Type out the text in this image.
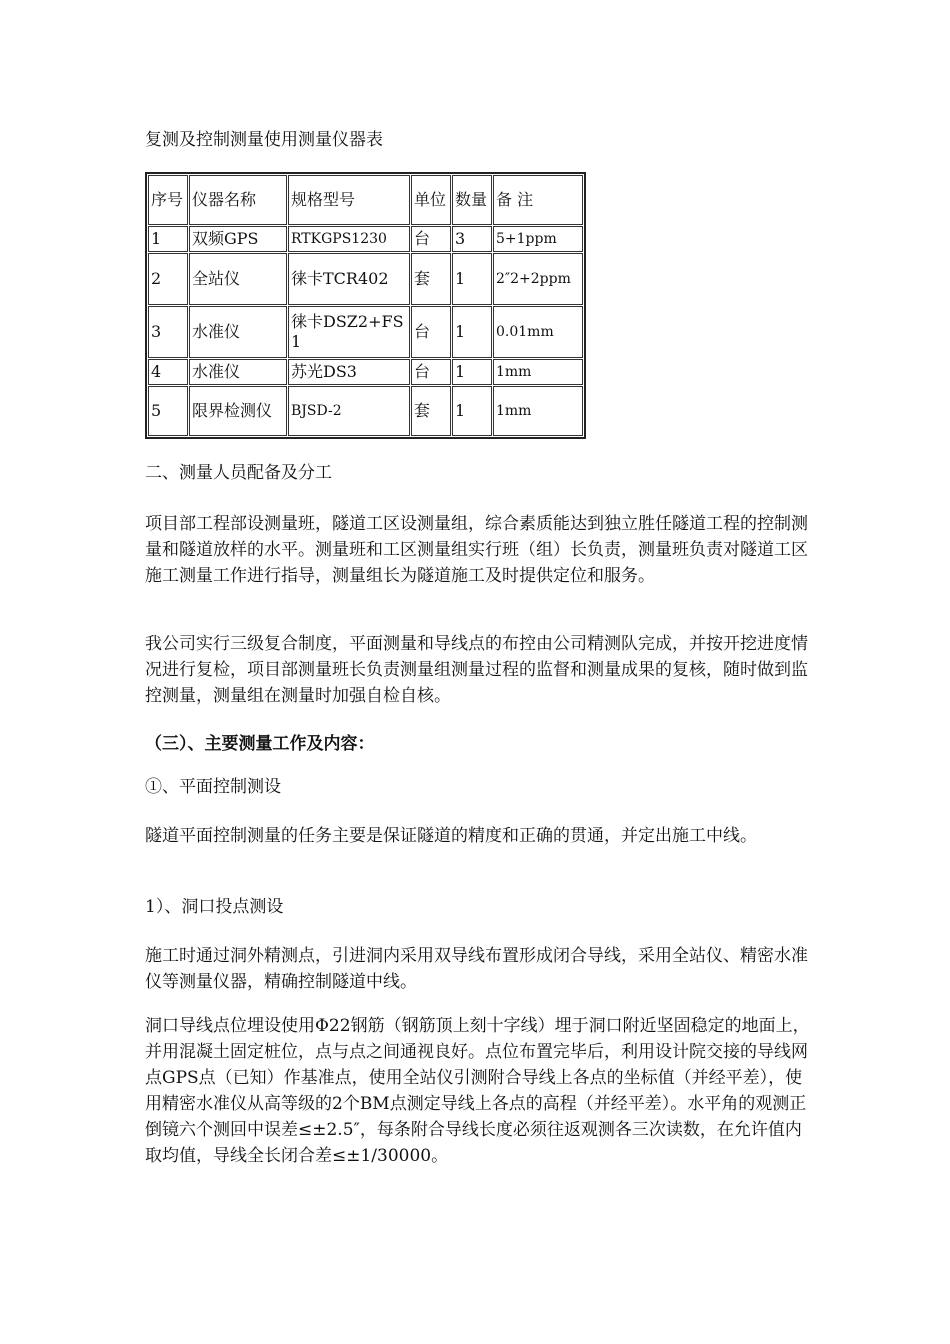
复测及控制测量使用测量仪器表

序号	仪器名称	规格型号	单位	数量	备 注
1	双频GPS	RTKGPS1230	台	3	5+1ppm
2	全站仪	徕卡TCR402	套	1	2″2+2ppm
3	水准仪	徕卡DSZ2+FS1	台	1	0.01mm
4	水准仪	苏光DS3	台	1	1mm
5	限界检测仪	BJSD-2	套	1	1mm

二、测量人员配备及分工

项目部工程部设测量班，隧道工区设测量组，综合素质能达到独立胜任隧道工程的控制测量和隧道放样的水平。测量班和工区测量组实行班（组）长负责，测量班负责对隧道工区施工测量工作进行指导，测量组长为隧道施工及时提供定位和服务。

我公司实行三级复合制度，平面测量和导线点的布控由公司精测队完成，并按开挖进度情况进行复检，项目部测量班长负责测量组测量过程的监督和测量成果的复核，随时做到监控测量，测量组在测量时加强自检自核。

（三）、主要测量工作及内容：

①、平面控制测设

隧道平面控制测量的任务主要是保证隧道的精度和正确的贯通，并定出施工中线。

1）、洞口投点测设

施工时通过洞外精测点，引进洞内采用双导线布置形成闭合导线，采用全站仪、精密水准仪等测量仪器，精确控制隧道中线。

洞口导线点位埋设使用Φ22钢筋（钢筋顶上刻十字线）埋于洞口附近坚固稳定的地面上，并用混凝土固定桩位，点与点之间通视良好。点位布置完毕后，利用设计院交接的导线网点GPS点（已知）作基准点，使用全站仪引测附合导线上各点的坐标值（并经平差），使用精密水准仪从高等级的2个BM点测定导线上各点的高程（并经平差）。水平角的观测正倒镜六个测回中误差≤±2.5″，每条附合导线长度必须往返观测各三次读数，在允许值内取均值，导线全长闭合差≤±1/30000。
